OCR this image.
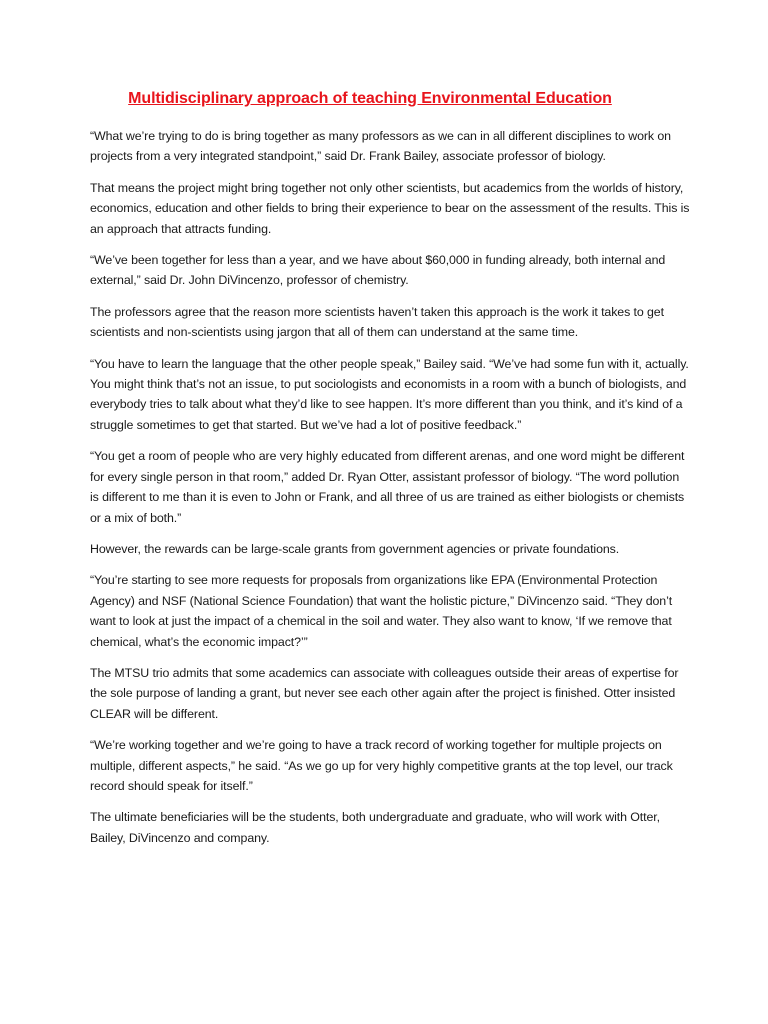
Multidisciplinary approach of teaching Environmental Education

“What we’re trying to do is bring together as many professors as we can in all different disciplines to work on projects from a very integrated standpoint,” said Dr. Frank Bailey, associate professor of biology.

That means the project might bring together not only other scientists, but academics from the worlds of history, economics, education and other fields to bring their experience to bear on the assessment of the results. This is an approach that attracts funding.

“We’ve been together for less than a year, and we have about $60,000 in funding already, both internal and external,” said Dr. John DiVincenzo, professor of chemistry.

The professors agree that the reason more scientists haven’t taken this approach is the work it takes to get scientists and non-scientists using jargon that all of them can understand at the same time.

“You have to learn the language that the other people speak,” Bailey said. “We’ve had some fun with it, actually. You might think that’s not an issue, to put sociologists and economists in a room with a bunch of biologists, and everybody tries to talk about what they’d like to see happen. It’s more different than you think, and it’s kind of a struggle sometimes to get that started. But we’ve had a lot of positive feedback.”

“You get a room of people who are very highly educated from different arenas, and one word might be different for every single person in that room,” added Dr. Ryan Otter, assistant professor of biology. “The word pollution is different to me than it is even to John or Frank, and all three of us are trained as either biologists or chemists or a mix of both.”

However, the rewards can be large-scale grants from government agencies or private foundations.

“You’re starting to see more requests for proposals from organizations like EPA (Environmental Protection Agency) and NSF (National Science Foundation) that want the holistic picture,” DiVincenzo said. “They don’t want to look at just the impact of a chemical in the soil and water. They also want to know, ‘If we remove that chemical, what’s the economic impact?’”

The MTSU trio admits that some academics can associate with colleagues outside their areas of expertise for the sole purpose of landing a grant, but never see each other again after the project is finished. Otter insisted CLEAR will be different.

“We’re working together and we’re going to have a track record of working together for multiple projects on multiple, different aspects,” he said. “As we go up for very highly competitive grants at the top level, our track record should speak for itself.”

The ultimate beneficiaries will be the students, both undergraduate and graduate, who will work with Otter, Bailey, DiVincenzo and company.
